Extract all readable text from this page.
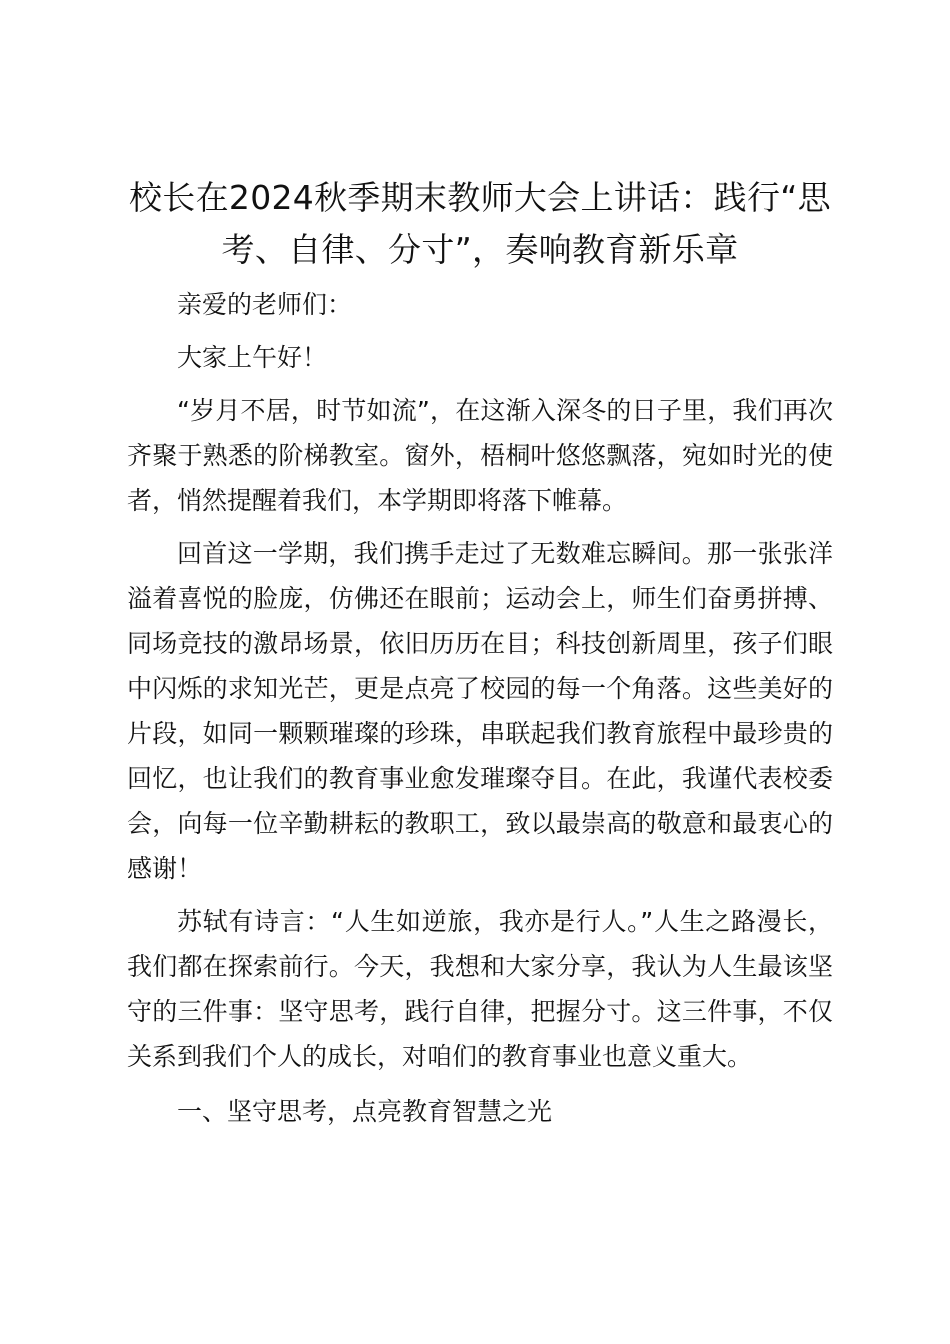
校长在2024秋季期末教师大会上讲话：践行“思考、自律、分寸”，奏响教育新乐章

亲爱的老师们：

大家上午好！

“岁月不居，时节如流”，在这渐入深冬的日子里，我们再次齐聚于熟悉的阶梯教室。窗外，梧桐叶悠悠飘落，宛如时光的使者，悄然提醒着我们，本学期即将落下帷幕。

回首这一学期，我们携手走过了无数难忘瞬间。那一张张洋溢着喜悦的脸庞，仿佛还在眼前；运动会上，师生们奋勇拼搏、同场竞技的激昂场景，依旧历历在目；科技创新周里，孩子们眼中闪烁的求知光芒，更是点亮了校园的每一个角落。这些美好的片段，如同一颗颗璀璨的珍珠，串联起我们教育旅程中最珍贵的回忆，也让我们的教育事业愈发璀璨夺目。在此，我谨代表校委会，向每一位辛勤耕耘的教职工，致以最崇高的敬意和最衷心的感谢！

苏轼有诗言：“人生如逆旅，我亦是行人。”人生之路漫长，我们都在探索前行。今天，我想和大家分享，我认为人生最该坚守的三件事：坚守思考，践行自律，把握分寸。这三件事，不仅关系到我们个人的成长，对咱们的教育事业也意义重大。

一、坚守思考，点亮教育智慧之光
